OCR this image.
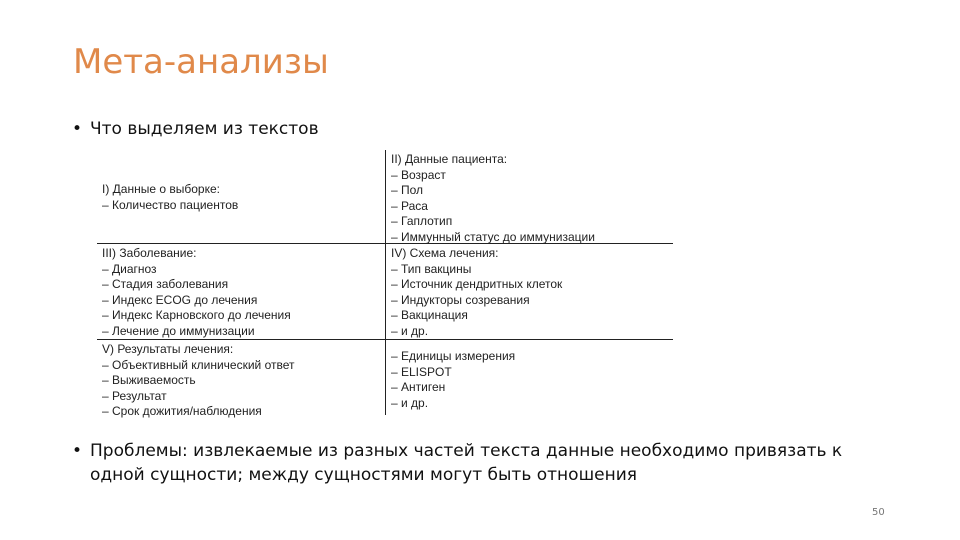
Мета-анализы
• Что выделяем из текстов
I) Данные о выборке:
– Количество пациентов
II) Данные пациента:
– Возраст
– Пол
– Раса
– Гаплотип
– Иммунный статус до иммунизации
III) Заболевание:
– Диагноз
– Стадия заболевания
– Индекс ECOG до лечения
– Индекс Карновского до лечения
– Лечение до иммунизации
IV) Схема лечения:
– Тип вакцины
– Источник дендритных клеток
– Индукторы созревания
– Вакцинация
– и др.
V) Результаты лечения:
– Объективный клинический ответ
– Выживаемость
– Результат
– Срок дожития/наблюдения
– Единицы измерения
– ELISPOT
– Антиген
– и др.
• Проблемы: извлекаемые из разных частей текста данные необходимо привязать к одной сущности; между сущностями могут быть отношения
50
